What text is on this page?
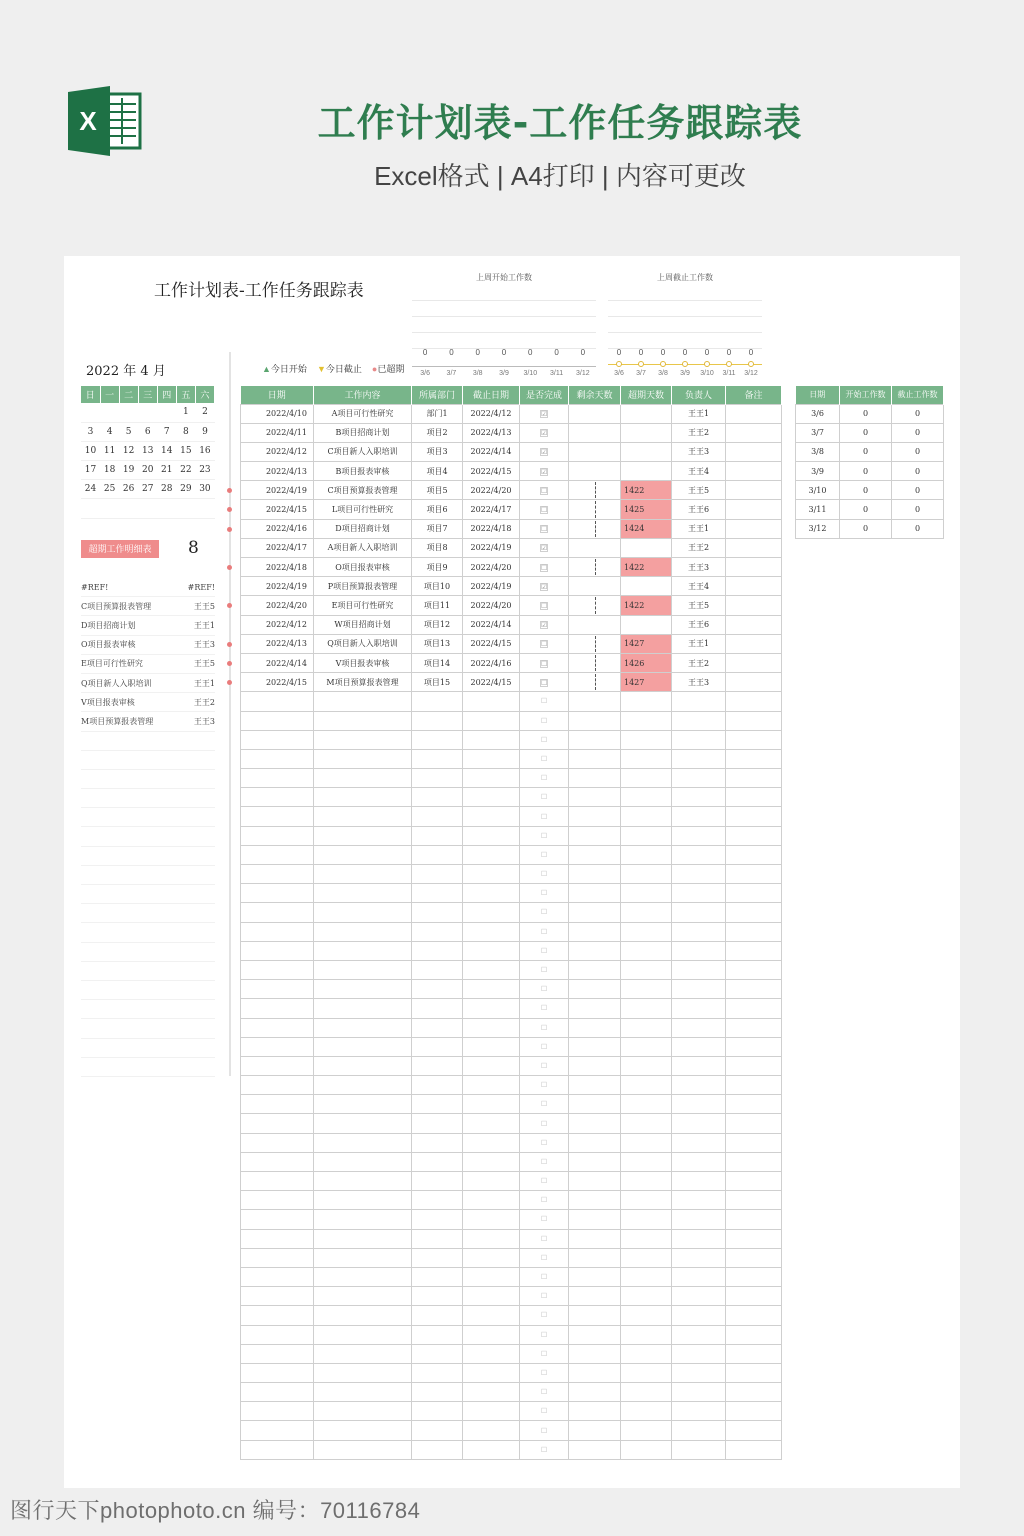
X	工作计划表-工作任务跟踪表
Excel格式 | A4打印 | 内容可更改
工作计划表-工作任务跟踪表
上周开始工作数
0
3/6
0
3/7
0
3/8
0
3/9
0
3/10
0
3/11
0
3/12
上周截止工作数
0
3/6
0
3/7
0
3/8
0
3/9
0
3/10
0
3/11
0
3/12
▲今日开始 ▼今日截止 ●已超期
2022 年 4 月
日	一	二	三	四	五	六
					1	2
3	4	5	6	7	8	9
10	11	12	13	14	15	16
17	18	19	20	21	22	23
24	25	26	27	28	29	30

超期工作明细表	8
#REF!	#REF!
C项目预算报表管理	王王5
D项目招商计划	王王1
O项目报表审核	王王3
E项目可行性研究	王王5
Q项目新人入职培训	王王1
V项目报表审核	王王2
M项目预算报表管理	王王3
日期	工作内容	所属部门	截止日期	是否完成	剩余天数	超期天数	负责人	备注
2022/4/10	A项目可行性研究	部门1	2022/4/12	☑			王王1	
2022/4/11	B项目招商计划	项目2	2022/4/13	☑			王王2	
2022/4/12	C项目新人入职培训	项目3	2022/4/14	☑			王王3	
2022/4/13	B项目报表审核	项目4	2022/4/15	☑			王王4	
2022/4/19	C项目预算报表管理	项目5	2022/4/20	☐		1422	王王5	
2022/4/15	L项目可行性研究	项目6	2022/4/17	☐		1425	王王6	
2022/4/16	D项目招商计划	项目7	2022/4/18	☐		1424	王王1	
2022/4/17	A项目新人入职培训	项目8	2022/4/19	☑			王王2	
2022/4/18	O项目报表审核	项目9	2022/4/20	☐		1422	王王3	
2022/4/19	P项目预算报表管理	项目10	2022/4/19	☑			王王4	
2022/4/20	E项目可行性研究	项目11	2022/4/20	☐		1422	王王5	
2022/4/12	W项目招商计划	项目12	2022/4/14	☑			王王6	
2022/4/13	Q项目新人入职培训	项目13	2022/4/15	☐		1427	王王1	
2022/4/14	V项目报表审核	项目14	2022/4/16	☐		1426	王王2	
2022/4/15	M项目预算报表管理	项目15	2022/4/15	☐		1427	王王3	
				☐				
				☐				
				☐				
				☐				
				☐				
				☐				
				☐				
				☐				
				☐				
				☐				
				☐				
				☐				
				☐				
				☐				
				☐				
				☐				
				☐				
				☐				
				☐				
				☐				
				☐				
				☐				
				☐				
				☐				
				☐				
				☐				
				☐				
				☐				
				☐				
				☐				
				☐				
				☐				
				☐				
				☐				
				☐				
				☐				
				☐				
				☐				
				☐				
				☐				
日期	开始工作数	截止工作数
3/6	0	0
3/7	0	0
3/8	0	0
3/9	0	0
3/10	0	0
3/11	0	0
3/12	0	0
图行天下photophoto.cn 编号：70116784
